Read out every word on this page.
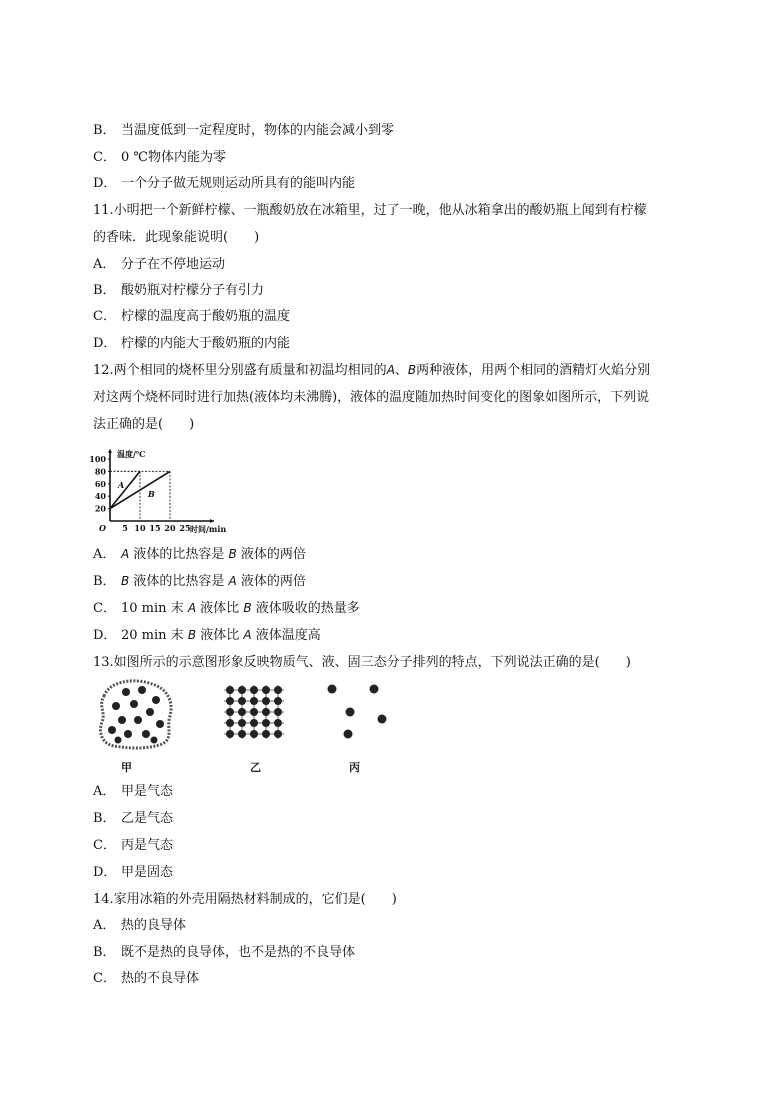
B． 当温度低到一定程度时，物体的内能会减小到零
C． 0 ℃物体内能为零
D． 一个分子做无规则运动所具有的能叫内能
11.小明把一个新鲜柠檬、一瓶酸奶放在冰箱里，过了一晚，他从冰箱拿出的酸奶瓶上闻到有柠檬
的香味．此现象能说明(　　)
A． 分子在不停地运动
B． 酸奶瓶对柠檬分子有引力
C． 柠檬的温度高于酸奶瓶的温度
D． 柠檬的内能大于酸奶瓶的内能
12.两个相同的烧杯里分别盛有质量和初温均相同的A、B两种液体，用两个相同的酒精灯火焰分别
对这两个烧杯同时进行加热(液体均未沸腾)，液体的温度随加热时间变化的图象如图所示，下列说
法正确的是(　　)
20
40
60
80
100
5 10 15 20 25
O
温度/℃
时间/min
A
B
A． A 液体的比热容是 B 液体的两倍
B． B 液体的比热容是 A 液体的两倍
C． 10 min 末 A 液体比 B 液体吸收的热量多
D． 20 min 末 B 液体比 A 液体温度高
13.如图所示的示意图形象反映物质气、液、固三态分子排列的特点，下列说法正确的是(　　)
甲	乙	丙
A． 甲是气态
B． 乙是气态
C． 丙是气态
D． 甲是固态
14.家用冰箱的外壳用隔热材料制成的，它们是(　　)
A． 热的良导体
B． 既不是热的良导体，也不是热的不良导体
C． 热的不良导体
